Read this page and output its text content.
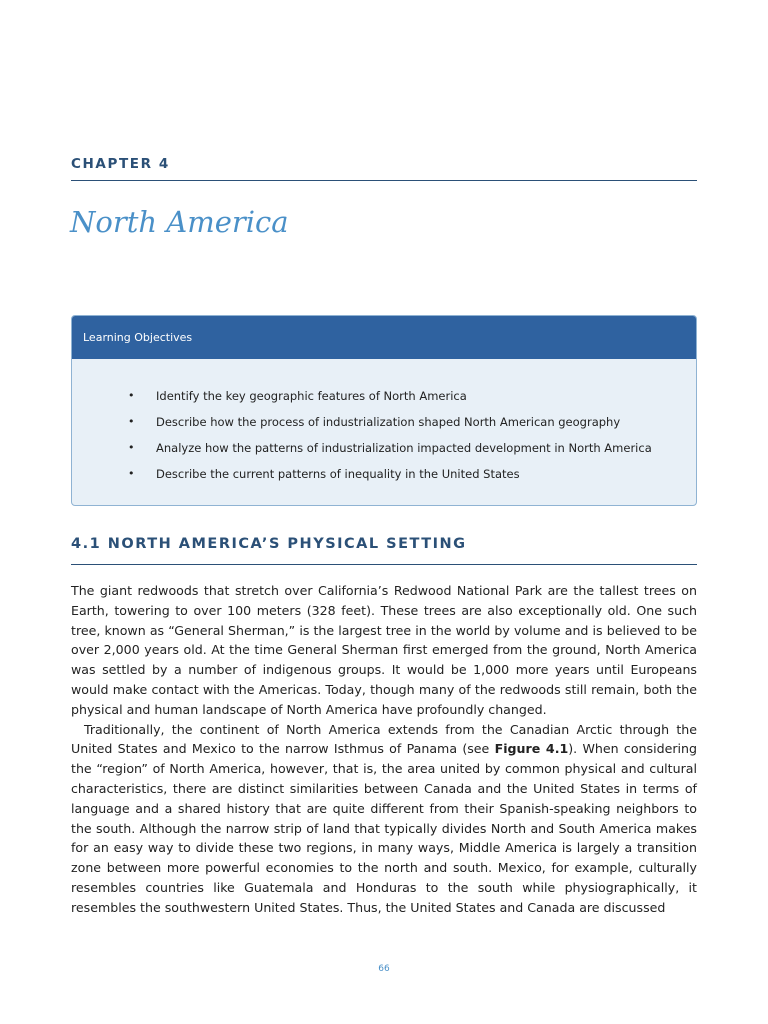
CHAPTER 4
North America
Learning Objectives
• Identify the key geographic features of North America
• Describe how the process of industrialization shaped North American geography
• Analyze how the patterns of industrialization impacted development in North America
• Describe the current patterns of inequality in the United States
4.1 NORTH AMERICA’S PHYSICAL SETTING

The giant redwoods that stretch over California’s Redwood National Park are the tallest trees on Earth, towering to over 100 meters (328 feet). These trees are also exceptionally old. One such tree, known as “General Sherman,” is the largest tree in the world by volume and is believed to be over 2,000 years old. At the time General Sherman first emerged from the ground, North America was settled by a number of indigenous groups. It would be 1,000 more years until Europeans would make contact with the Americas. Today, though many of the redwoods still remain, both the physical and human landscape of North America have profoundly changed.

Traditionally, the continent of North America extends from the Canadian Arctic through the United States and Mexico to the narrow Isthmus of Panama (see Figure 4.1). When considering the “region” of North America, however, that is, the area united by common physical and cultural characteristics, there are distinct similarities between Canada and the United States in terms of language and a shared history that are quite different from their Spanish-speaking neighbors to the south. Although the narrow strip of land that typically divides North and South America makes for an easy way to divide these two regions, in many ways, Middle America is largely a transition zone between more powerful economies to the north and south. Mexico, for example, culturally resembles countries like Guatemala and Honduras to the south while physiographically, it resembles the southwestern United States. Thus, the United States and Canada are discussed

66
